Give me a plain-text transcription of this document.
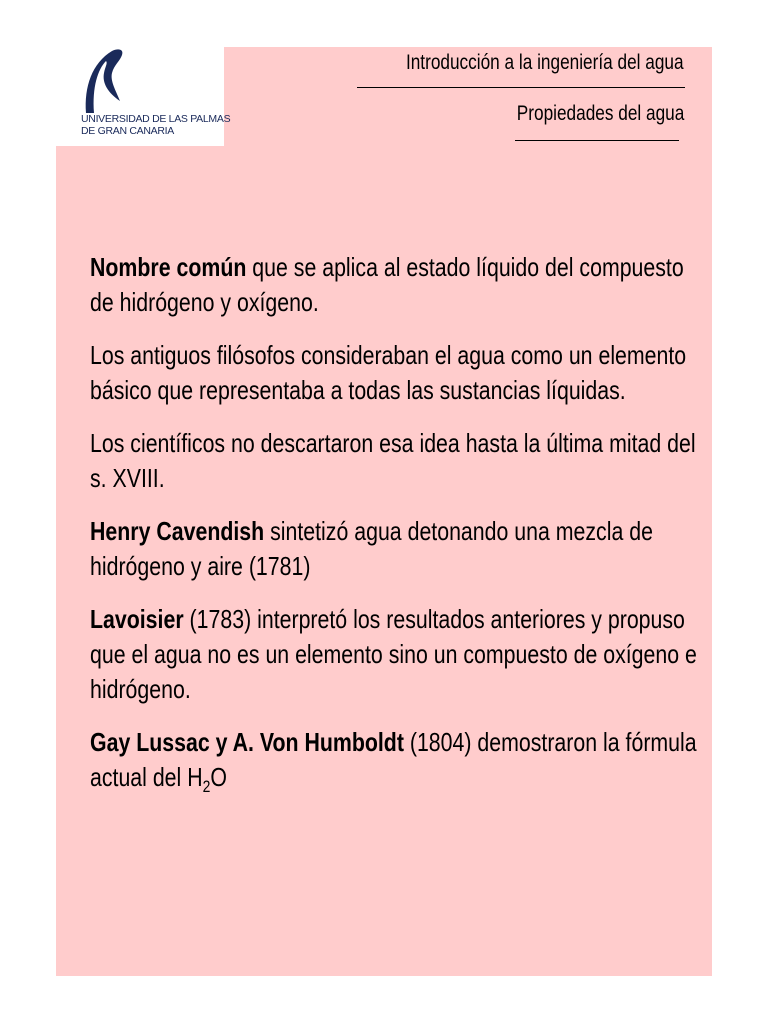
UNIVERSIDAD DE LAS PALMAS
DE GRAN CANARIA
Introducción a la ingeniería del agua
Propiedades del agua

Nombre común que se aplica al estado líquido del compuesto de hidrógeno y oxígeno.

Los antiguos filósofos consideraban el agua como un elemento básico que representaba a todas las sustancias líquidas.

Los científicos no descartaron esa idea hasta la última mitad del s. XVIII.

Henry Cavendish sintetizó agua detonando una mezcla de hidrógeno y aire (1781)

Lavoisier (1783) interpretó los resultados anteriores y propuso que el agua no es un elemento sino un compuesto de oxígeno e hidrógeno.

Gay Lussac y A. Von Humboldt (1804) demostraron la fórmula actual del $H_2O$
